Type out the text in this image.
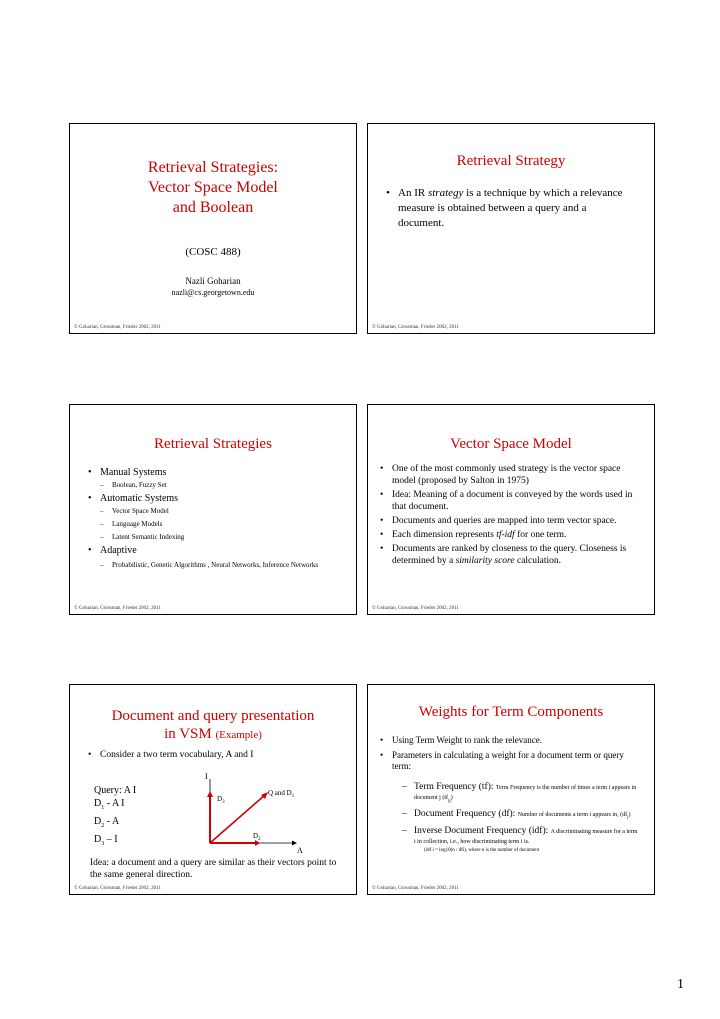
Retrieval Strategies:
Vector Space Model
and Boolean
(COSC 488)
Nazli Goharian
nazli@cs.georgetown.edu
© Goharian, Grossman, Frieder 2002, 2011
Retrieval Strategy
• An IR strategy is a technique by which a relevance measure is obtained between a query and a document.
© Goharian, Grossman, Frieder 2002, 2011
Retrieval Strategies
• Manual Systems
– Boolean, Fuzzy Set
• Automatic Systems
– Vector Space Model
– Language Models
– Latent Semantic Indexing
• Adaptive
– Probabilistic, Genetic Algorithms , Neural Networks, Inference Networks
© Goharian, Grossman, Frieder 2002, 2011
Vector Space Model
• One of the most commonly used strategy is the vector space model (proposed by Salton in 1975)
• Idea: Meaning of a document is conveyed by the words used in that document.
• Documents and queries are mapped into term vector space.
• Each dimension represents tf-idf for one term.
• Documents are ranked by closeness to the query. Closeness is determined by a similarity score calculation.
© Goharian, Grossman, Frieder 2002, 2011
Document and query presentation
in VSM (Example)
• Consider a two term vocabulary, A and I
Query: A I
$D_1$ - A I
$D_2$ - A
$D_3$ – I
I
A
$D_3$
Q and $D_1$
$D_2$
Idea: a document and a query are similar as their vectors point to the same general direction.
© Goharian, Grossman, Frieder 2002, 2011
Weights for Term Components
• Using Term Weight to rank the relevance.
• Parameters in calculating a weight for a document term or query term:
– Term Frequency (tf): Term Frequency is the number of times a term i appears in document j $(tf_{ij})$
– Document Frequency (df): Number of documents a term i appears in, $(df_i)$
– Inverse Document Frequency (idf): A discriminating measure for a term i in collection, i.e., how discriminating term i is.
(idf i = log10(n / dfi), where n is the number of document
© Goharian, Grossman, Frieder 2002, 2011
1
